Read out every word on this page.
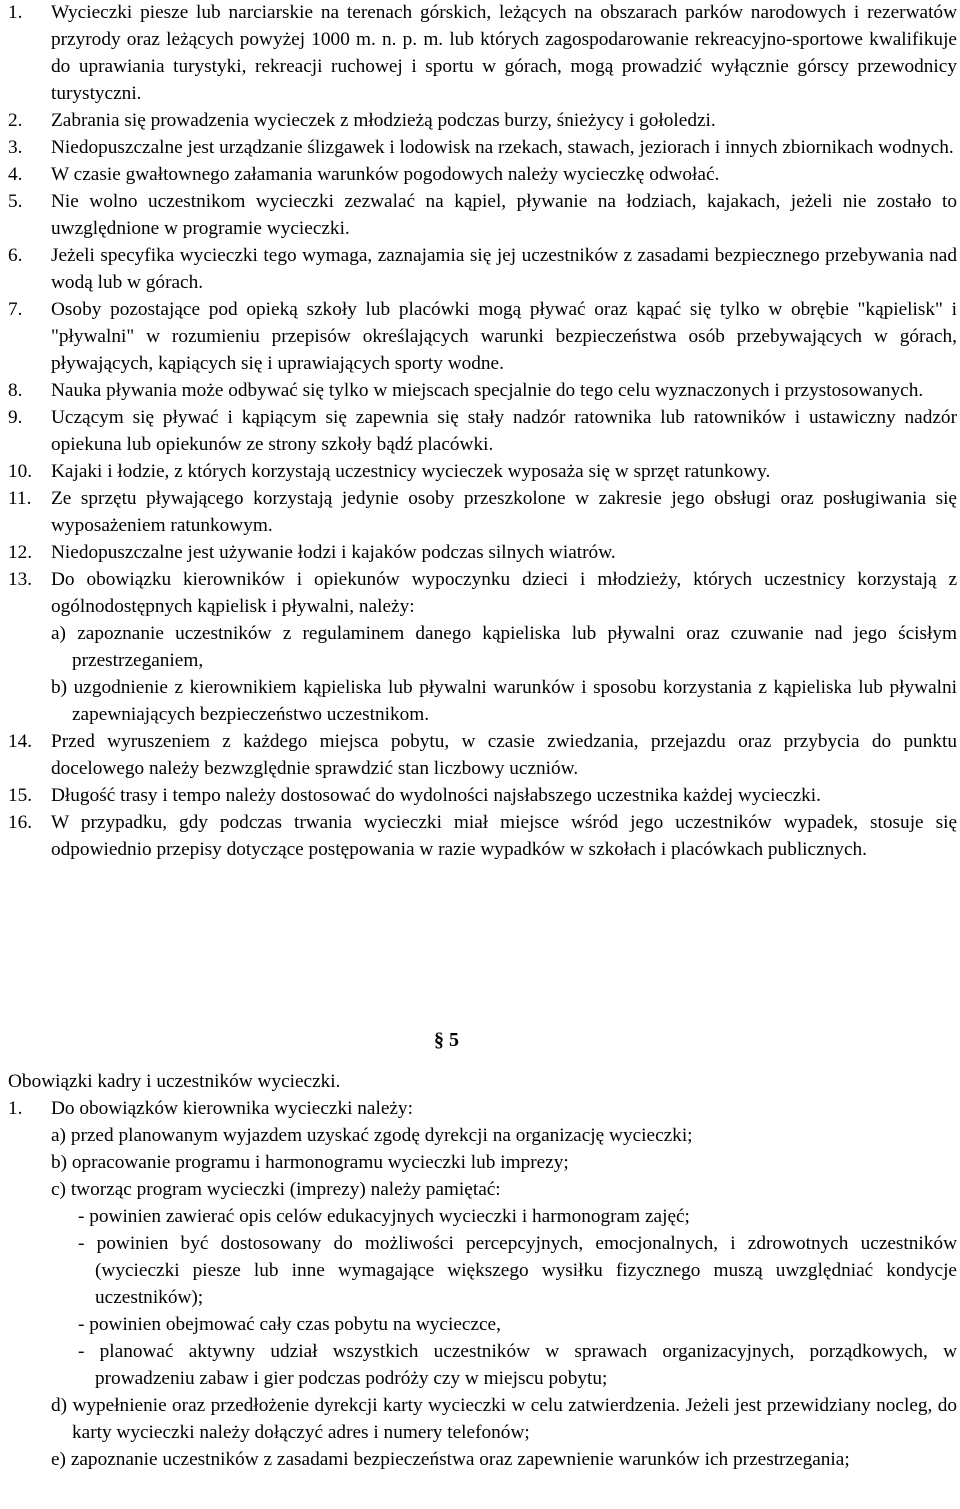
1. Wycieczki piesze lub narciarskie na terenach górskich, leżących na obszarach parków narodowych i rezerwatów przyrody oraz leżących powyżej 1000 m. n. p. m. lub których zagospodarowanie rekreacyjno-sportowe kwalifikuje do uprawiania turystyki, rekreacji ruchowej i sportu w górach, mogą prowadzić wyłącznie górscy przewodnicy turystyczni.
2. Zabrania się prowadzenia wycieczek z młodzieżą podczas burzy, śnieżycy i gołoledzi.
3. Niedopuszczalne jest urządzanie ślizgawek i lodowisk na rzekach, stawach, jeziorach i innych zbiornikach wodnych.
4. W czasie gwałtownego załamania warunków pogodowych należy wycieczkę odwołać.
5. Nie wolno uczestnikom wycieczki zezwalać na kąpiel, pływanie na łodziach, kajakach, jeżeli nie zostało to uwzględnione w programie wycieczki.
6. Jeżeli specyfika wycieczki tego wymaga, zaznajamia się jej uczestników z zasadami bezpiecznego przebywania nad wodą lub w górach.
7. Osoby pozostające pod opieką szkoły lub placówki mogą pływać oraz kąpać się tylko w obrębie "kąpielisk" i "pływalni" w rozumieniu przepisów określających warunki bezpieczeństwa osób przebywających w górach, pływających, kąpiących się i uprawiających sporty wodne.
8. Nauka pływania może odbywać się tylko w miejscach specjalnie do tego celu wyznaczonych i przystosowanych.
9. Uczącym się pływać i kąpiącym się zapewnia się stały nadzór ratownika lub ratowników i ustawiczny nadzór opiekuna lub opiekunów ze strony szkoły bądź placówki.
10. Kajaki i łodzie, z których korzystają uczestnicy wycieczek wyposaża się w sprzęt ratunkowy.
11. Ze sprzętu pływającego korzystają jedynie osoby przeszkolone w zakresie jego obsługi oraz posługiwania się wyposażeniem ratunkowym.
12. Niedopuszczalne jest używanie łodzi i kajaków podczas silnych wiatrów.
13. Do obowiązku kierowników i opiekunów wypoczynku dzieci i młodzieży, których uczestnicy korzystają z ogólnodostępnych kąpielisk i pływalni, należy:
a) zapoznanie uczestników z regulaminem danego kąpieliska lub pływalni oraz czuwanie nad jego ścisłym przestrzeganiem,
b) uzgodnienie z kierownikiem kąpieliska lub pływalni warunków i sposobu korzystania z kąpieliska lub pływalni zapewniających bezpieczeństwo uczestnikom.
14. Przed wyruszeniem z każdego miejsca pobytu, w czasie zwiedzania, przejazdu oraz przybycia do punktu docelowego należy bezwzględnie sprawdzić stan liczbowy uczniów.
15. Długość trasy i tempo należy dostosować do wydolności najsłabszego uczestnika każdej wycieczki.
16. W przypadku, gdy podczas trwania wycieczki miał miejsce wśród jego uczestników wypadek, stosuje się odpowiednio przepisy dotyczące postępowania w razie wypadków w szkołach i placówkach publicznych.
§ 5
Obowiązki kadry i uczestników wycieczki.
1. Do obowiązków kierownika wycieczki należy:
a) przed planowanym wyjazdem uzyskać zgodę dyrekcji na organizację wycieczki;
b) opracowanie programu i harmonogramu wycieczki lub imprezy;
c) tworząc program wycieczki (imprezy) należy pamiętać:
- powinien zawierać opis celów edukacyjnych wycieczki i harmonogram zajęć;
- powinien być dostosowany do możliwości percepcyjnych, emocjonalnych, i zdrowotnych uczestników (wycieczki piesze lub inne wymagające większego wysiłku fizycznego muszą uwzględniać kondycje uczestników);
- powinien obejmować cały czas pobytu na wycieczce,
- planować aktywny udział wszystkich uczestników w sprawach organizacyjnych, porządkowych, w prowadzeniu zabaw i gier podczas podróży czy w miejscu pobytu;
d) wypełnienie oraz przedłożenie dyrekcji karty wycieczki w celu zatwierdzenia. Jeżeli jest przewidziany nocleg, do karty wycieczki należy dołączyć adres i numery telefonów;
e) zapoznanie uczestników z zasadami bezpieczeństwa oraz zapewnienie warunków ich przestrzegania;
